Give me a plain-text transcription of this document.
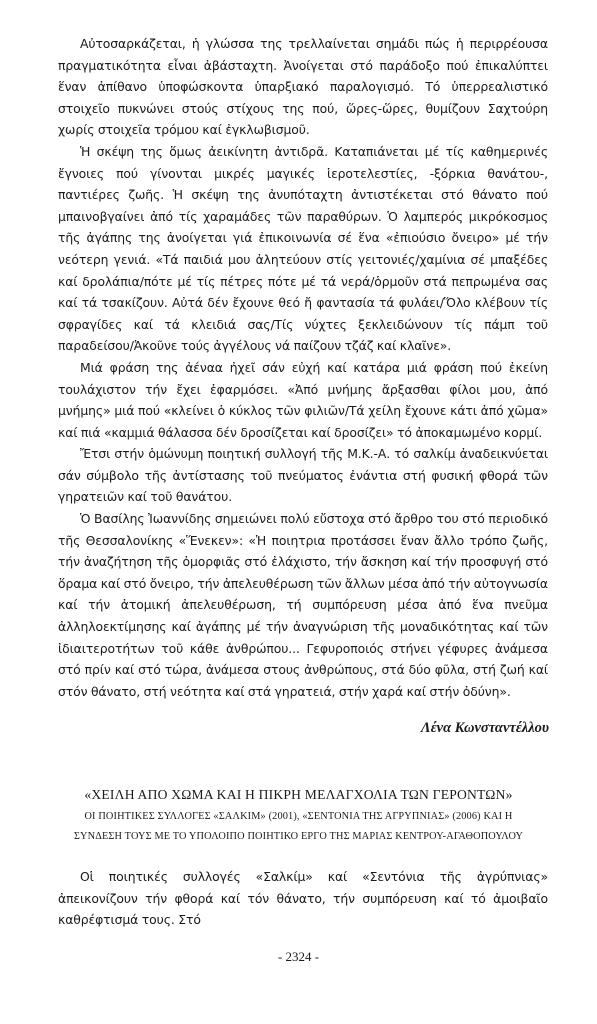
Αὐτοσαρκάζεται, ἡ γλώσσα της τρελλαίνεται σημάδι πώς ἡ περιρρέουσα πραγματικότητα εἶναι ἀβάσταχτη. Ἀνοίγεται στό παράδοξο πού ἐπικαλύπτει ἕναν ἀπίθανο ὑποφώσκοντα ὑπαρξιακό παραλογισμό. Τό ὑπερρεαλιστικό στοιχεῖο πυκνώνει στούς στίχους της πού, ὥρες-ὥρες, θυμίζουν Σαχτούρη χωρίς στοιχεῖα τρόμου καί ἐγκλωβισμοῦ.

Ἡ σκέψη της ὅμως ἀεικίνητη ἀντιδρᾶ. Καταπιάνεται μέ τίς καθημερινές ἔγνοιες πού γίνονται μικρές μαγικές ἱεροτελεστίες, -ξόρκια θανάτου-, παντιέρες ζωῆς. Ἡ σκέψη της ἀνυπόταχτη ἀντιστέκεται στό θάνατο πού μπαινοβγαίνει ἀπό τίς χαραμάδες τῶν παραθύρων. Ὁ λαμπερός μικρόκοσμος τῆς ἀγάπης της ἀνοίγεται γιά ἐπικοινωνία σέ ἕνα «ἐπιούσιο ὄνειρο» μέ τήν νεότερη γενιά. «Τά παιδιά μου ἀλητεύουν στίς γειτονιές/χαμίνια σέ μπαξέδες καί δρολάπια/πότε μέ τίς πέτρες πότε μέ τά νερά/ὁρμοῦν στά πεπρωμένα σας καί τά τσακίζουν. Αὐτά δέν ἔχουνε θεό ἤ φαντασία τά φυλάει/Ὅλο κλέβουν τίς σφραγίδες καί τά κλειδιά σας/Τίς νύχτες ξεκλειδώνουν τίς πάμπ τοῦ παραδείσου/Ἀκοῦνε τούς ἀγγέλους νά παίζουν τζάζ καί κλαῖνε».

Μιά φράση της ἀέναα ἠχεῖ σάν εὐχή καί κατάρα μιά φράση πού ἐκείνη τουλάχιστον τήν ἔχει ἐφαρμόσει. «Ἀπό μνήμης ἄρξασθαι φίλοι μου, ἀπό μνήμης» μιά πού «κλείνει ὁ κύκλος τῶν φιλιῶν/Τά χείλη ἔχουνε κάτι ἀπό χῶμα» καί πιά «καμμιά θάλασσα δέν δροσίζεται καί δροσίζει» τό ἀποκαμωμένο κορμί.

Ἔτσι στήν ὁμώνυμη ποιητική συλλογή τῆς Μ.Κ.-Α. τό σαλκίμ ἀναδεικνύεται σάν σύμβολο τῆς ἀντίστασης τοῦ πνεύματος ἐνάντια στή φυσική φθορά τῶν γηρατειῶν καί τοῦ θανάτου.

Ὁ Βασίλης Ἰωαννίδης σημειώνει πολύ εὔστοχα στό ἄρθρο του στό περιοδικό τῆς Θεσσαλονίκης «Ἕνεκεν»: «Ἡ ποιητρια προτάσσει ἕναν ἄλλο τρόπο ζωῆς, τήν ἀναζήτηση τῆς ὀμορφιᾶς στό ἐλάχιστο, τήν ἄσκηση καί τήν προσφυγή στό ὅραμα καί στό ὄνειρο, τήν ἀπελευθέρωση τῶν ἄλλων μέσα ἀπό τήν αὐτογνωσία καί τήν ἀτομική ἀπελευθέρωση, τή συμπόρευση μέσα ἀπό ἕνα πνεῦμα ἀλληλοεκτίμησης καί ἀγάπης μέ τήν ἀναγνώριση τῆς μοναδικότητας καί τῶν ἰδιαιτεροτήτων τοῦ κάθε ἀνθρώπου... Γεφυροποιός στήνει γέφυρες ἀνάμεσα στό πρίν καί στό τώρα, ἀνάμεσα στους ἀνθρώπους, στά δύο φῦλα, στή ζωή καί στόν θάνατο, στή νεότητα καί στά γηρατειά, στήν χαρά καί στήν ὀδύνη».

Λένα Κωνσταντέλλου
«ΧΕΙΛΗ ΑΠΟ ΧΩΜΑ ΚΑΙ Η ΠΙΚΡΗ ΜΕΛΑΓΧΟΛΙΑ ΤΩΝ ΓΕΡΟΝΤΩΝ»
ΟΙ ΠΟΙΗΤΙΚΕΣ ΣΥΛΛΟΓΕΣ «ΣΑΛΚΙΜ» (2001), «ΣΕΝΤΟΝΙΑ ΤΗΣ ΑΓΡΥΠΝΙΑΣ» (2006) ΚΑΙ Η
ΣΥΝΔΕΣΗ ΤΟΥΣ ΜΕ ΤΟ ΥΠΟΛΟΙΠΟ ΠΟΙΗΤΙΚΟ ΕΡΓΟ ΤΗΣ ΜΑΡΙΑΣ ΚΕΝΤΡΟΥ-ΑΓΑΘΟΠΟΥΛΟΥ

Οἱ ποιητικές συλλογές «Σαλκίμ» καί «Σεντόνια τῆς ἀγρύπνιας» ἀπεικονίζουν τήν φθορά καί τόν θάνατο, τήν συμπόρευση καί τό ἀμοιβαῖο καθρέφτισμά τους. Στό

- 2324 -
